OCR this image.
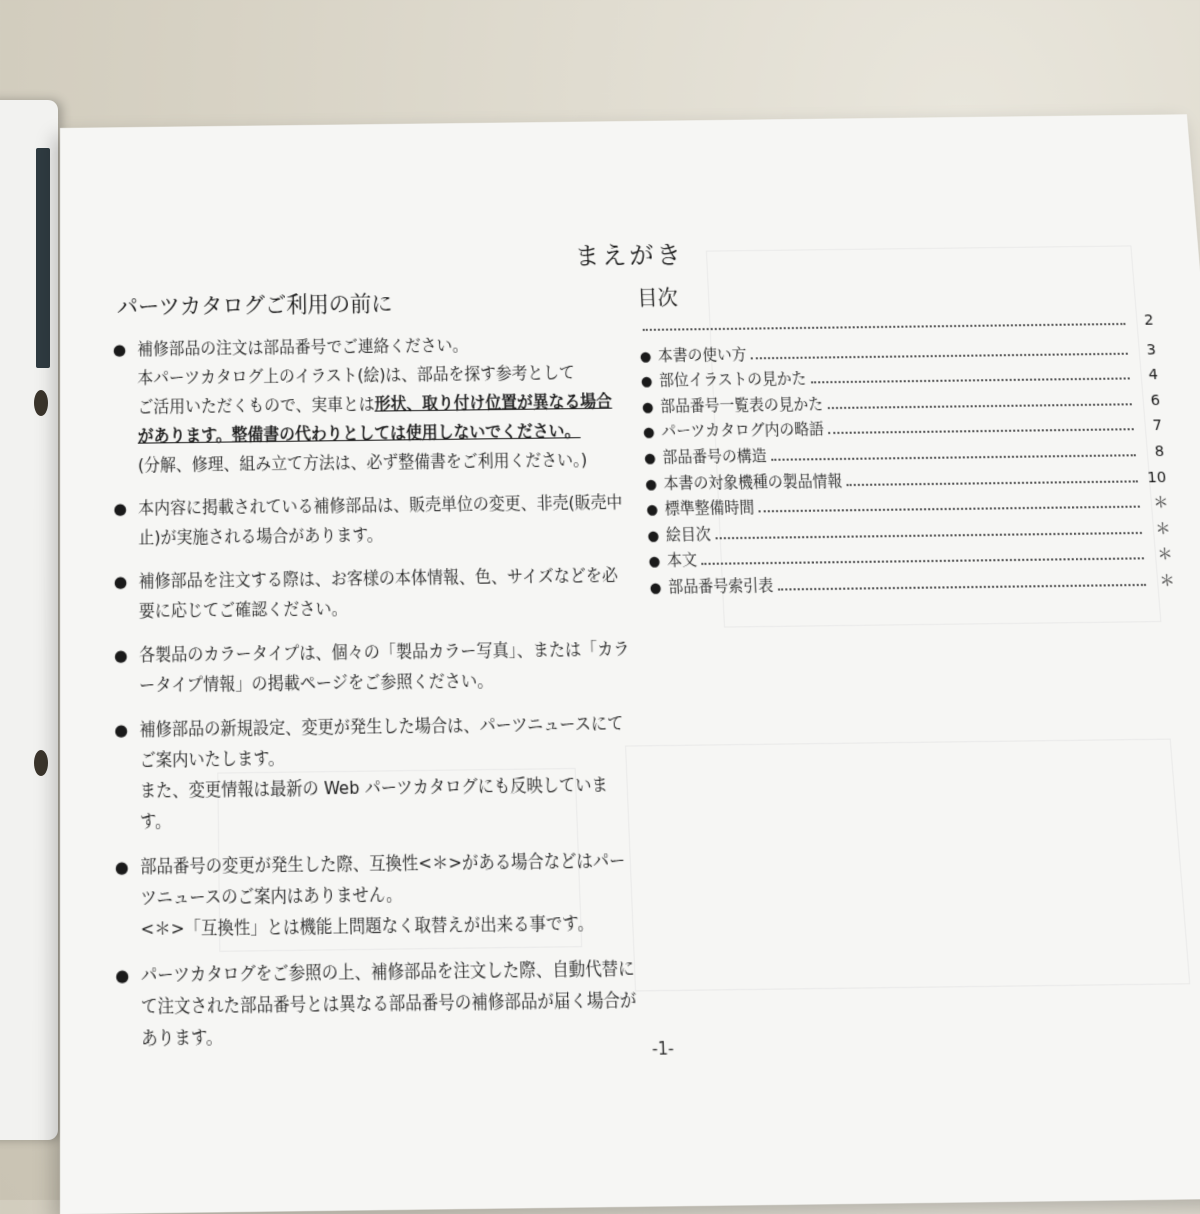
まえがき
パーツカタログご利用の前に
● 補修部品の注文は部品番号でご連絡ください。

本パーツカタログ上のイラスト(絵)は、部品を探す参考として

ご活用いただくもので、実車とは形状、取り付け位置が異なる場合があります。整備書の代わりとしては使用しないでください。

(分解、修理、組み立て方法は、必ず整備書をご利用ください。)

● 本内容に掲載されている補修部品は、販売単位の変更、非売(販売中止)が実施される場合があります。

● 補修部品を注文する際は、お客様の本体情報、色、サイズなどを必要に応じてご確認ください。

● 各製品のカラータイプは、個々の「製品カラー写真」、または「カラータイプ情報」の掲載ページをご参照ください。

● 補修部品の新規設定、変更が発生した場合は、パーツニュースにてご案内いたします。

また、変更情報は最新の Web パーツカタログにも反映しています。

● 部品番号の変更が発生した際、互換性<＊>がある場合などはパーツニュースのご案内はありません。

<＊>「互換性」とは機能上問題なく取替えが出来る事です。

● パーツカタログをご参照の上、補修部品を注文した際、自動代替にて注文された部品番号とは異なる部品番号の補修部品が届く場合があります。

目次
2
● 本書の使い方	3
● 部位イラストの見かた	4
● 部品番号一覧表の見かた	6
● パーツカタログ内の略語	7
● 部品番号の構造	8
● 本書の対象機種の製品情報	10
● 標準整備時間	＊
● 絵目次	＊
● 本文	＊
● 部品番号索引表	＊
-1-
